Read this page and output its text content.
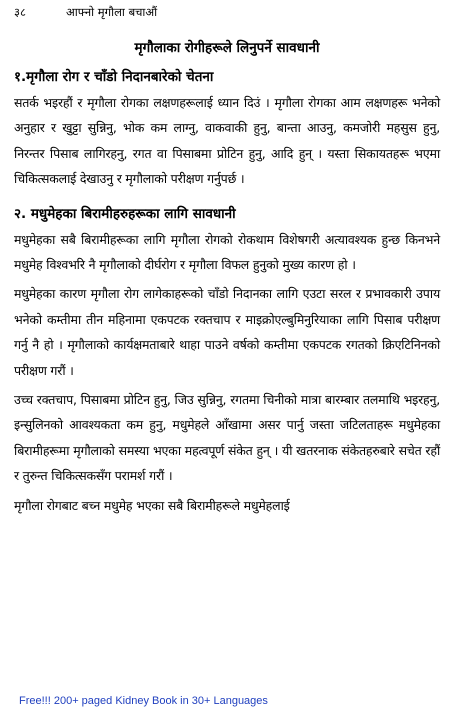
३८	आफ्नो मृगौला बचाऔं
मृगौलाका रोगीहरूले लिनुपर्ने सावधानी
१.मृगौला रोग र चाँडो निदानबारेको चेतना

सतर्क भइरहौं र मृगौला रोगका लक्षणहरूलाई ध्यान दिउं । मृगौला रोगका आम लक्षणहरू भनेको अनुहार र खुट्टा सुन्निनु, भोक कम लाग्नु, वाकवाकी हुनु, बान्ता आउनु, कमजोरी महसुस हुनु, निरन्तर पिसाब लागिरहनु, रगत वा पिसाबमा प्रोटिन हुनु, आदि हुन् । यस्ता सिकायतहरू भएमा चिकित्सकलाई देखाउनु र मृगौलाको परीक्षण गर्नुपर्छ ।

२. मधुमेहका बिरामीहरुहरूका लागि सावधानी

मधुमेहका सबै बिरामीहरूका लागि मृगौला रोगको रोकथाम विशेषगरी अत्यावश्यक हुन्छ किनभने मधुमेह विश्वभरि नै मृगौलाको दीर्घरोग र मृगौला विफल हुनुको मुख्य कारण हो ।

मधुमेहका कारण मृगौला रोग लागेकाहरूको चाँडो निदानका लागि एउटा सरल र प्रभावकारी उपाय भनेको कम्तीमा तीन महिनामा एकपटक रक्तचाप र माइक्रोएल्बुमिनुरियाका लागि पिसाब परीक्षण गर्नु नै हो । मृगौलाको कार्यक्षमताबारे थाहा पाउने वर्षको कम्तीमा एकपटक रगतको क्रिएटिनिनको परीक्षण गरौं ।

उच्च रक्तचाप, पिसाबमा प्रोटिन हुनु, जिउ सुन्निनु, रगतमा चिनीको मात्रा बारम्बार तलमाथि भइरहनु, इन्सुलिनको आवश्यकता कम हुनु, मधुमेहले आँखामा असर पार्नु जस्ता जटिलताहरू मधुमेहका बिरामीहरूमा मृगौलाको समस्या भएका महत्वपूर्ण संकेत हुन् । यी खतरनाक संकेतहरुबारे सचेत रहौं र तुरुन्त चिकित्सकसँग परामर्श गरौं ।

मृगौला रोगबाट बच्न मधुमेह भएका सबै बिरामीहरूले मधुमेहलाई

Free!!! 200+ paged Kidney Book in 30+ Languages
